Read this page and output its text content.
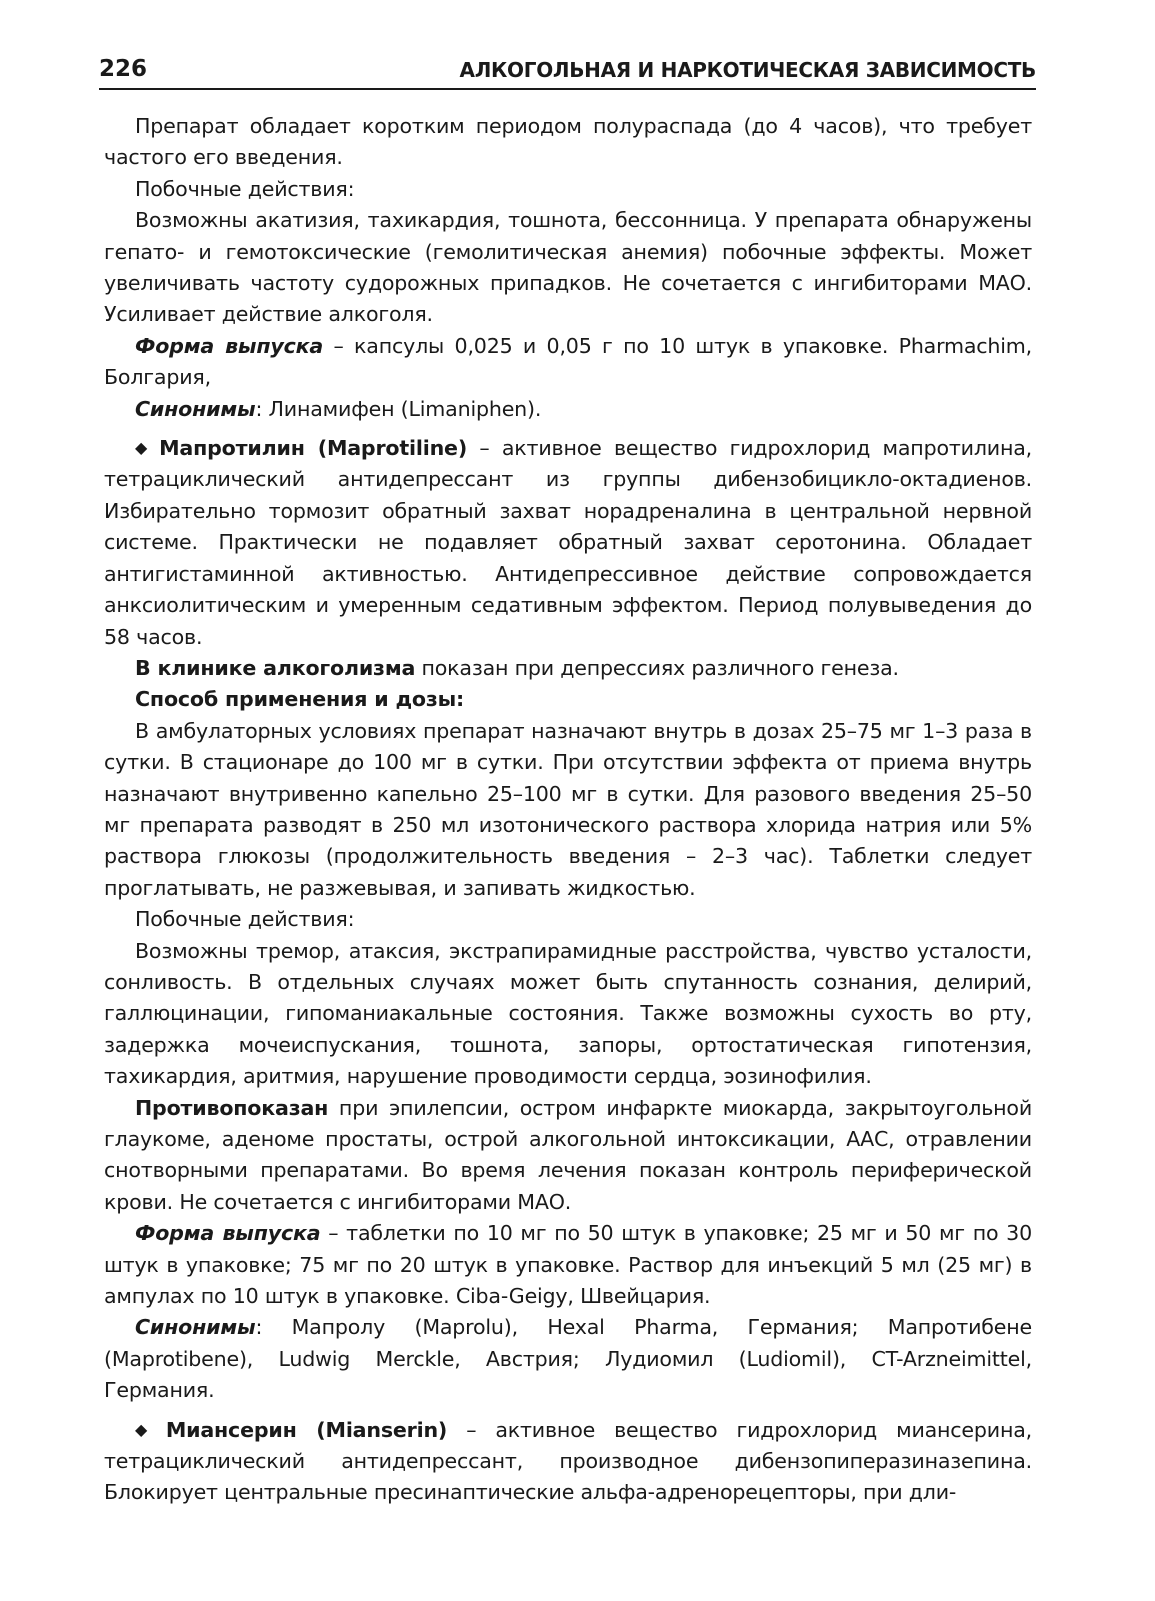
226	АЛКОГОЛЬНАЯ И НАРКОТИЧЕСКАЯ ЗАВИСИМОСТЬ

Препарат обладает коротким периодом полураспада (до 4 часов), что требует частого его введения.

Побочные действия:

Возможны акатизия, тахикардия, тошнота, бессонница. У препарата обнаружены гепато- и гемотоксические (гемолитическая анемия) побочные эффекты. Может увеличивать частоту судорожных припадков. Не сочетается с ингибиторами МАО. Усиливает действие алкоголя.

Форма выпуска – капсулы 0,025 и 0,05 г по 10 штук в упаковке. Pharmachim, Болгария,

Синонимы: Линамифен (Limaniphen).

◆ Мапротилин (Maprotiline) – активное вещество гидрохлорид мапротилина, тетрациклический антидепрессант из группы дибензобицикло-октадиенов. Избирательно тормозит обратный захват норадреналина в центральной нервной системе. Практически не подавляет обратный захват серотонина. Обладает антигистаминной активностью. Антидепрессивное действие сопровождается анксиолитическим и умеренным седативным эффектом. Период полувыведения до 58 часов.

В клинике алкоголизма показан при депрессиях различного генеза.

Способ применения и дозы:

В амбулаторных условиях препарат назначают внутрь в дозах 25–75 мг 1–3 раза в сутки. В стационаре до 100 мг в сутки. При отсутствии эффекта от приема внутрь назначают внутривенно капельно 25–100 мг в сутки. Для разового введения 25–50 мг препарата разводят в 250 мл изотонического раствора хлорида натрия или 5% раствора глюкозы (продолжительность введения – 2–3 час). Таблетки следует проглатывать, не разжевывая, и запивать жидкостью.

Побочные действия:

Возможны тремор, атаксия, экстрапирамидные расстройства, чувство усталости, сонливость. В отдельных случаях может быть спутанность сознания, делирий, галлюцинации, гипоманиакальные состояния. Также возможны сухость во рту, задержка мочеиспускания, тошнота, запоры, ортостатическая гипотензия, тахикардия, аритмия, нарушение проводимости сердца, эозинофилия.

Противопоказан при эпилепсии, остром инфаркте миокарда, закрытоугольной глаукоме, аденоме простаты, острой алкогольной интоксикации, ААС, отравлении снотворными препаратами. Во время лечения показан контроль периферической крови. Не сочетается с ингибиторами МАО.

Форма выпуска – таблетки по 10 мг по 50 штук в упаковке; 25 мг и 50 мг по 30 штук в упаковке; 75 мг по 20 штук в упаковке. Раствор для инъекций 5 мл (25 мг) в ампулах по 10 штук в упаковке. Ciba-Geigy, Швейцария.

Синонимы: Мапролу (Maprolu), Hexal Pharma, Германия; Мапротибене (Maprotibene), Ludwig Merckle, Австрия; Лудиомил (Ludiomil), CT-Arzneimittel, Германия.

◆ Миансерин (Mianserin) – активное вещество гидрохлорид миансерина, тетрациклический антидепрессант, производное дибензопиперазиназепина. Блокирует центральные пресинаптические альфа-адренорецепторы, при дли-
